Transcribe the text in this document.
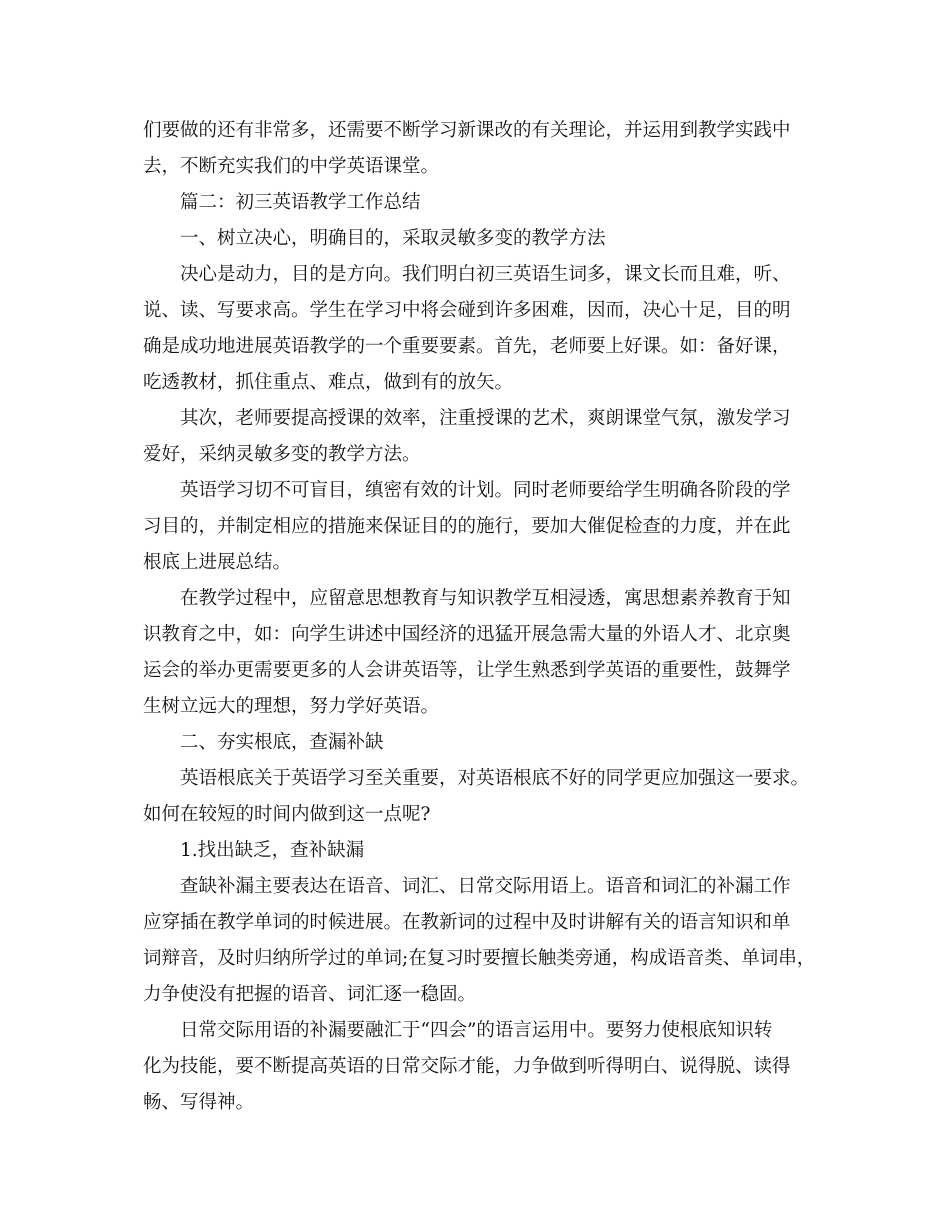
们要做的还有非常多，还需要不断学习新课改的有关理论，并运用到教学实践中
去，不断充实我们的中学英语课堂。
篇二：初三英语教学工作总结
一、树立决心，明确目的，采取灵敏多变的教学方法
决心是动力，目的是方向。我们明白初三英语生词多，课文长而且难，听、
说、读、写要求高。学生在学习中将会碰到许多困难，因而，决心十足，目的明
确是成功地进展英语教学的一个重要要素。首先，老师要上好课。如：备好课，
吃透教材，抓住重点、难点，做到有的放矢。
其次，老师要提高授课的效率，注重授课的艺术，爽朗课堂气氛，激发学习
爱好，采纳灵敏多变的教学方法。
英语学习切不可盲目，缜密有效的计划。同时老师要给学生明确各阶段的学
习目的，并制定相应的措施来保证目的的施行，要加大催促检查的力度，并在此
根底上进展总结。
在教学过程中，应留意思想教育与知识教学互相浸透，寓思想素养教育于知
识教育之中，如：向学生讲述中国经济的迅猛开展急需大量的外语人才、北京奥
运会的举办更需要更多的人会讲英语等，让学生熟悉到学英语的重要性，鼓舞学
生树立远大的理想，努力学好英语。
二、夯实根底，查漏补缺
英语根底关于英语学习至关重要，对英语根底不好的同学更应加强这一要求。
如何在较短的时间内做到这一点呢?
1.找出缺乏，查补缺漏
查缺补漏主要表达在语音、词汇、日常交际用语上。语音和词汇的补漏工作
应穿插在教学单词的时候进展。在教新词的过程中及时讲解有关的语言知识和单
词辩音，及时归纳所学过的单词;在复习时要擅长触类旁通，构成语音类、单词串，
力争使没有把握的语音、词汇逐一稳固。
日常交际用语的补漏要融汇于“四会”的语言运用中。要努力使根底知识转
化为技能，要不断提高英语的日常交际才能，力争做到听得明白、说得脱、读得
畅、写得神。
